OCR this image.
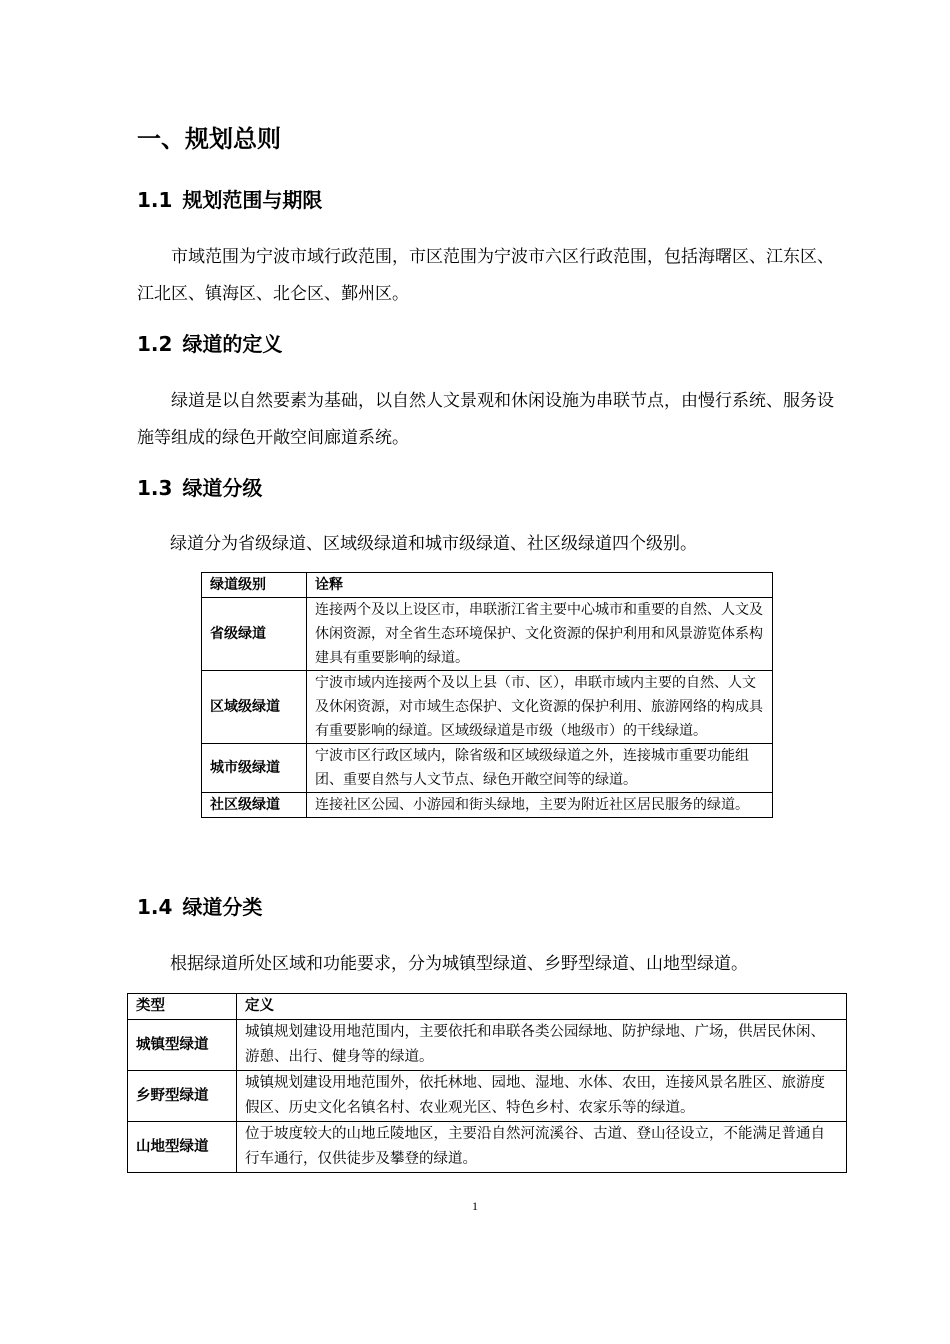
一、规划总则
1.1 规划范围与期限

市域范围为宁波市域行政范围，市区范围为宁波市六区行政范围，包括海曙区、江东区、江北区、镇海区、北仑区、鄞州区。

1.2 绿道的定义

绿道是以自然要素为基础，以自然人文景观和休闲设施为串联节点，由慢行系统、服务设施等组成的绿色开敞空间廊道系统。

1.3 绿道分级

绿道分为省级绿道、区域级绿道和城市级绿道、社区级绿道四个级别。

绿道级别	诠释
省级绿道	连接两个及以上设区市，串联浙江省主要中心城市和重要的自然、人文及休闲资源，对全省生态环境保护、文化资源的保护利用和风景游览体系构建具有重要影响的绿道。
区域级绿道	宁波市域内连接两个及以上县（市、区），串联市域内主要的自然、人文及休闲资源，对市域生态保护、文化资源的保护利用、旅游网络的构成具有重要影响的绿道。区域级绿道是市级（地级市）的干线绿道。
城市级绿道	宁波市区行政区域内，除省级和区域级绿道之外，连接城市重要功能组团、重要自然与人文节点、绿色开敞空间等的绿道。
社区级绿道	连接社区公园、小游园和街头绿地，主要为附近社区居民服务的绿道。
1.4 绿道分类

根据绿道所处区域和功能要求，分为城镇型绿道、乡野型绿道、山地型绿道。

类型	定义
城镇型绿道	城镇规划建设用地范围内，主要依托和串联各类公园绿地、防护绿地、广场，供居民休闲、游憩、出行、健身等的绿道。
乡野型绿道	城镇规划建设用地范围外，依托林地、园地、湿地、水体、农田，连接风景名胜区、旅游度假区、历史文化名镇名村、农业观光区、特色乡村、农家乐等的绿道。
山地型绿道	位于坡度较大的山地丘陵地区，主要沿自然河流溪谷、古道、登山径设立，不能满足普通自行车通行，仅供徒步及攀登的绿道。
1
